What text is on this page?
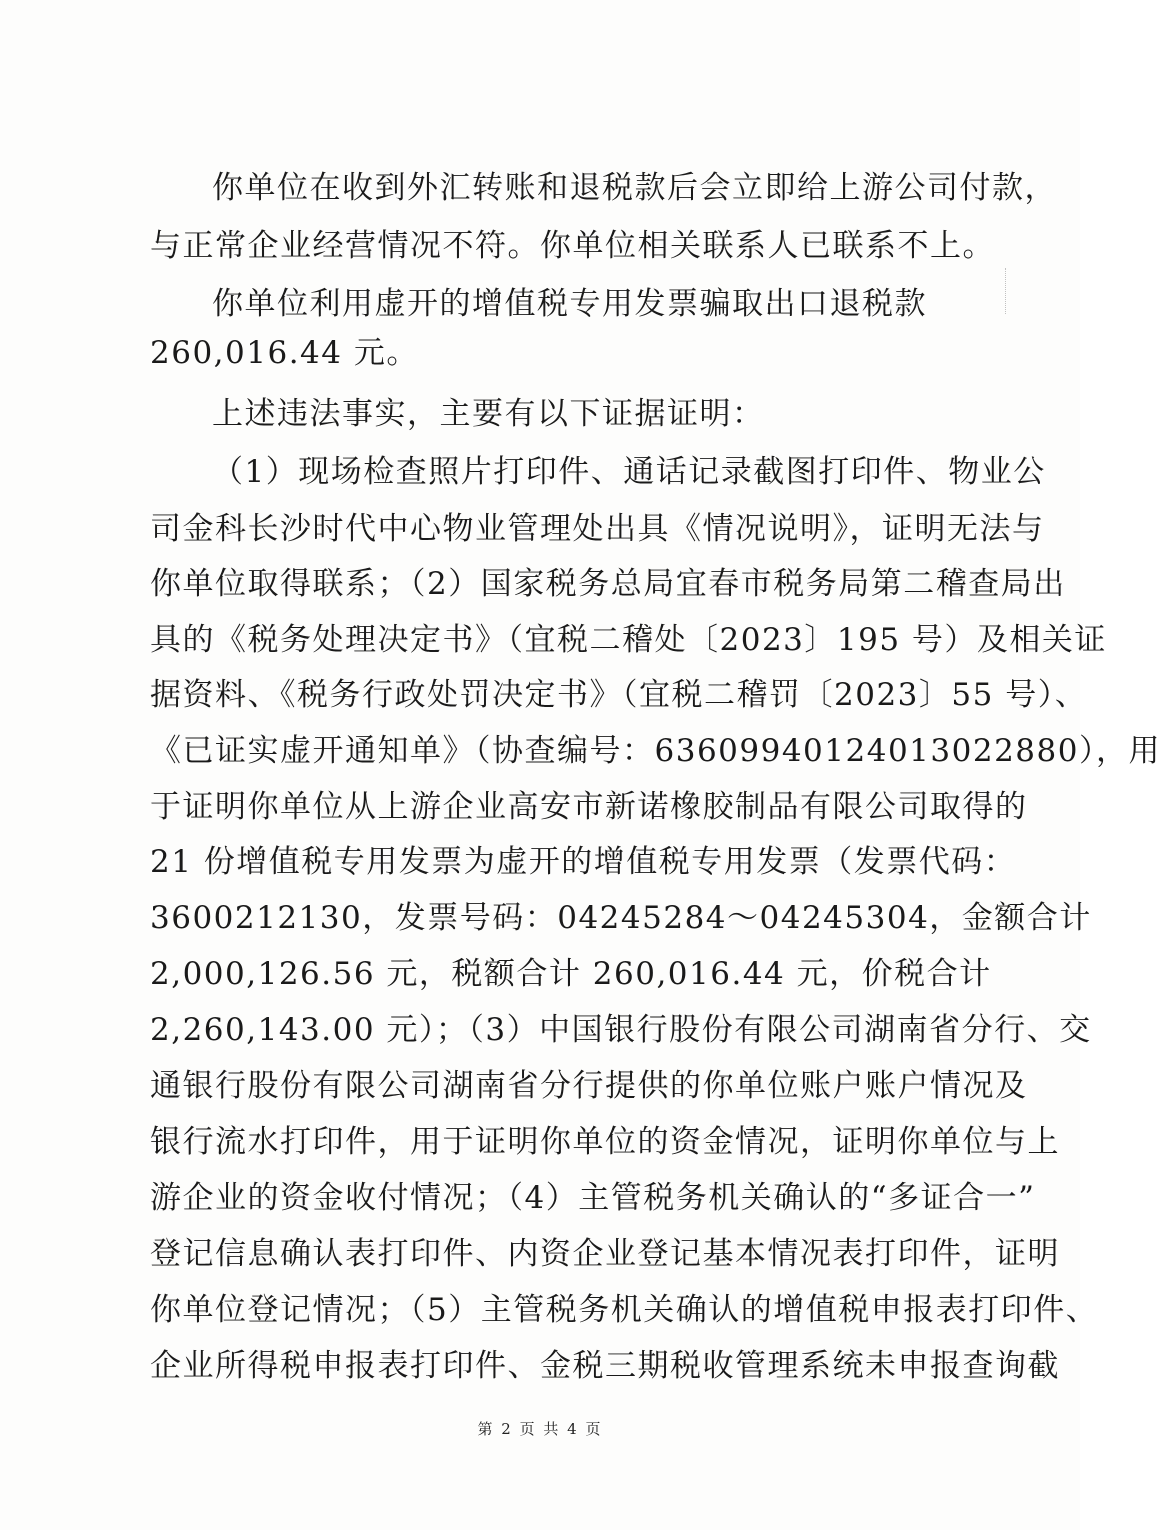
你单位在收到外汇转账和退税款后会立即给上游公司付款，
与正常企业经营情况不符。你单位相关联系人已联系不上。
你单位利用虚开的增值税专用发票骗取出口退税款
260,016.44 元。
上述违法事实，主要有以下证据证明：
（1）现场检查照片打印件、通话记录截图打印件、物业公
司金科长沙时代中心物业管理处出具《情况说明》，证明无法与
你单位取得联系；（2）国家税务总局宜春市税务局第二稽查局出
具的《税务处理决定书》（宜税二稽处〔2023〕195 号）及相关证
据资料、《税务行政处罚决定书》（宜税二稽罚〔2023〕55 号）、
《已证实虚开通知单》（协查编号：63609940124013022880），用
于证明你单位从上游企业高安市新诺橡胶制品有限公司取得的
21 份增值税专用发票为虚开的增值税专用发票（发票代码：
3600212130，发票号码：04245284～04245304，金额合计
2,000,126.56 元，税额合计 260,016.44 元，价税合计
2,260,143.00 元）；（3）中国银行股份有限公司湖南省分行、交
通银行股份有限公司湖南省分行提供的你单位账户账户情况及
银行流水打印件，用于证明你单位的资金情况，证明你单位与上
游企业的资金收付情况；（4）主管税务机关确认的“多证合一”
登记信息确认表打印件、内资企业登记基本情况表打印件，证明
你单位登记情况；（5）主管税务机关确认的增值税申报表打印件、
企业所得税申报表打印件、金税三期税收管理系统未申报查询截
第 2 页 共 4 页
